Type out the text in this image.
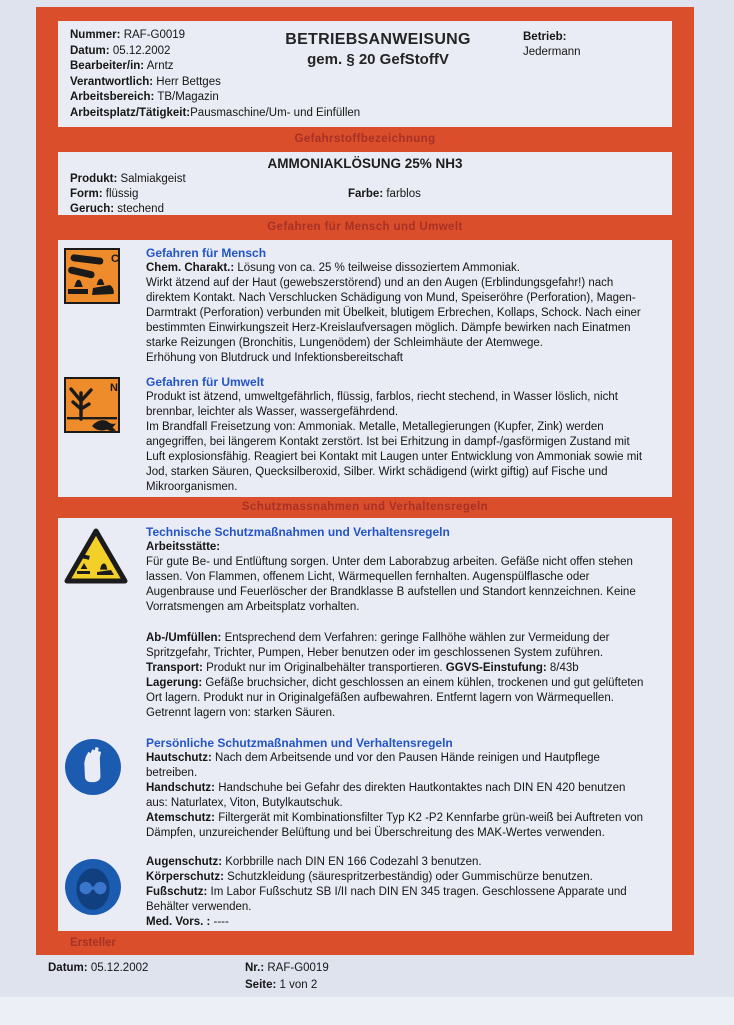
Nummer: RAF-G0019
Datum: 05.12.2002
Bearbeiter/in: Arntz
Verantwortlich: Herr Bettges
Arbeitsbereich: TB/Magazin
Arbeitsplatz/Tätigkeit:Pausmaschine/Um- und Einfüllen
BETRIEBSANWEISUNG
gem. § 20 GefStoffV
Betrieb:
Jedermann
Gefahrstoffbezeichnung
AMMONIAKLÖSUNG 25% NH3
Produkt: Salmiakgeist
Form: flüssig
Geruch: stechend
Farbe: farblos
Gefahren für Mensch und Umwelt
C Gefahren für Mensch
Chem. Charakt.: Lösung von ca. 25 % teilweise dissoziertem Ammoniak.
Wirkt ätzend auf der Haut (gewebszerstörend) und an den Augen (Erblindungsgefahr!) nach direktem Kontakt. Nach Verschlucken Schädigung von Mund, Speiseröhre (Perforation), Magen-Darmtrakt (Perforation) verbunden mit Übelkeit, blutigem Erbrechen, Kollaps, Schock. Nach einer bestimmten Einwirkungszeit Herz-Kreislaufversagen möglich. Dämpfe bewirken nach Einatmen starke Reizungen (Bronchitis, Lungenödem) der Schleimhäute der Atemwege.
Erhöhung von Blutdruck und Infektionsbereitschaft
N Gefahren für Umwelt
Produkt ist ätzend, umweltgefährlich, flüssig, farblos, riecht stechend, in Wasser löslich, nicht brennbar, leichter als Wasser, wassergefährdend.
Im Brandfall Freisetzung von: Ammoniak. Metalle, Metallegierungen (Kupfer, Zink) werden angegriffen, bei längerem Kontakt zerstört. Ist bei Erhitzung in dampf-/gasförmigen Zustand mit Luft explosionsfähig. Reagiert bei Kontakt mit Laugen unter Entwicklung von Ammoniak sowie mit Jod, starken Säuren, Quecksilberoxid, Silber. Wirkt schädigend (wirkt giftig) auf Fische und Mikroorganismen.
Schutzmassnahmen und Verhaltensregeln
Technische Schutzmaßnahmen und Verhaltensregeln
Arbeitsstätte:
Für gute Be- und Entlüftung sorgen. Unter dem Laborabzug arbeiten. Gefäße nicht offen stehen lassen. Von Flammen, offenem Licht, Wärmequellen fernhalten. Augenspülflasche oder Augenbrause und Feuerlöscher der Brandklasse B aufstellen und Standort kennzeichnen. Keine Vorratsmengen am Arbeitsplatz vorhalten.
Ab-/Umfüllen: Entsprechend dem Verfahren: geringe Fallhöhe wählen zur Vermeidung der Spritzgefahr, Trichter, Pumpen, Heber benutzen oder im geschlossenen System zuführen.
Transport: Produkt nur im Originalbehälter transportieren. GGVS-Einstufung: 8/43b
Lagerung: Gefäße bruchsicher, dicht geschlossen an einem kühlen, trockenen und gut gelüfteten Ort lagern. Produkt nur in Originalgefäßen aufbewahren. Entfernt lagern von Wärmequellen. Getrennt lagern von: starken Säuren.
Persönliche Schutzmaßnahmen und Verhaltensregeln
Hautschutz: Nach dem Arbeitsende und vor den Pausen Hände reinigen und Hautpflege betreiben.
Handschutz: Handschuhe bei Gefahr des direkten Hautkontaktes nach DIN EN 420 benutzen aus: Naturlatex, Viton, Butylkautschuk.
Atemschutz: Filtergerät mit Kombinationsfilter Typ K2 -P2 Kennfarbe grün-weiß bei Auftreten von Dämpfen, unzureichender Belüftung und bei Überschreitung des MAK-Wertes verwenden.
Augenschutz: Korbbrille nach DIN EN 166 Codezahl 3 benutzen.
Körperschutz: Schutzkleidung (säurespritzerbeständig) oder Gummischürze benutzen.
Fußschutz: Im Labor Fußschutz SB I/II nach DIN EN 345 tragen. Geschlossene Apparate und Behälter verwenden.
Med. Vors. : ----
Ersteller
Datum: 05.12.2002	Nr.: RAF-G0019
Seite: 1 von 2
